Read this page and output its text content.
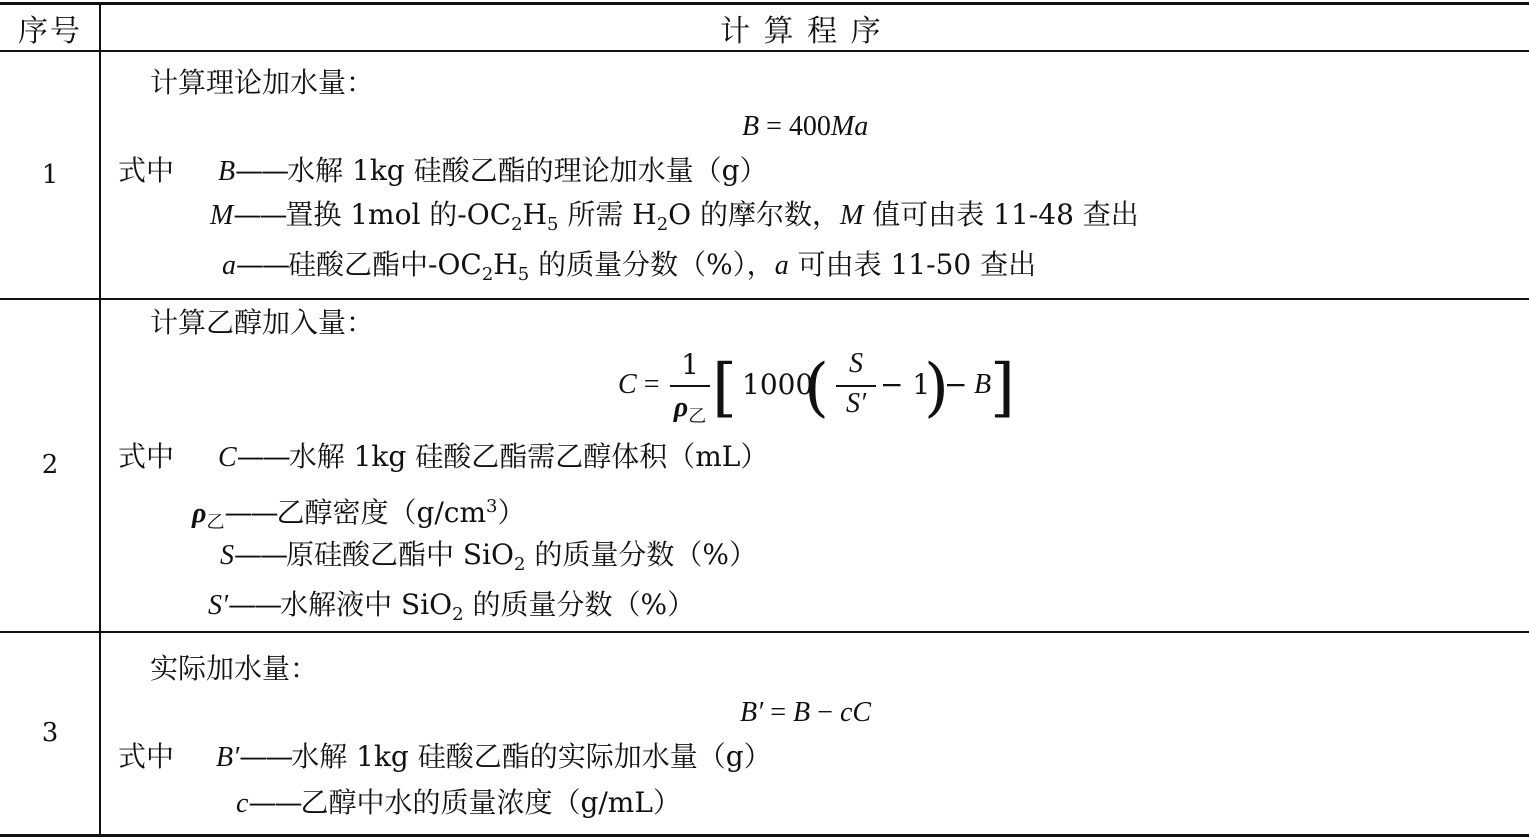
序号	计 算 程 序
1
计算理论加水量：
B = 400Ma
式中 B——水解 1kg 硅酸乙酯的理论加水量（g）
M——置换 1mol 的$-OC_2H_5$ 所需 $H_2O$ 的摩尔数，M 值可由表 11-48 查出
a——硅酸乙酯中$-OC_2H_5$ 的质量分数（%），a 可由表 11-50 查出
2
计算乙醇加入量：
C =
1
$\rho_乙$ [ 1000
( S
S′
− 1
)
− B
]
式中 C——水解 1kg 硅酸乙酯需乙醇体积（mL）
$\rho_乙——$乙醇密度$(g/cm^3)$
S——原硅酸乙酯中 SiO$_2$ 的质量分数（%）
S′——水解液中 SiO$_2$ 的质量分数（%）
3
实际加水量：
B′ = B − cC
式中 B′——水解 1kg 硅酸乙酯的实际加水量（g）
c——乙醇中水的质量浓度（g/mL）
